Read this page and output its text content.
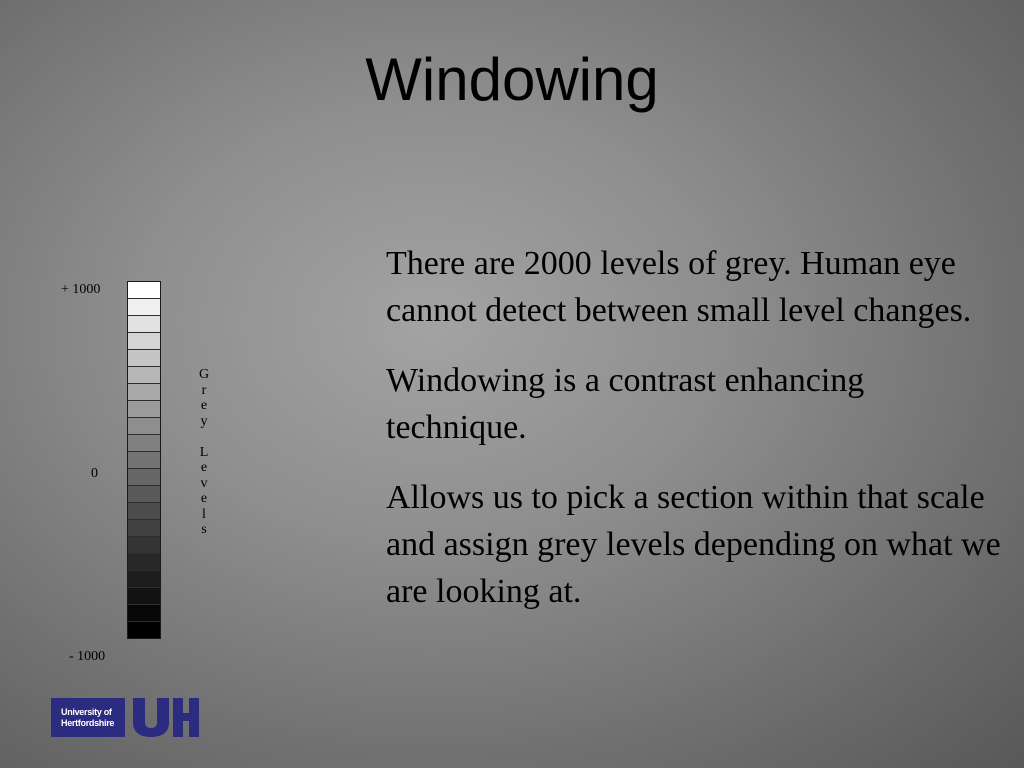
Windowing
+ 1000
0
- 1000
G
r
e
y

L
e
v
e
l
s

There are 2000 levels of grey. Human eye cannot detect between small level changes.

Windowing is a contrast enhancing technique.

Allows us to pick a section within that scale and assign grey levels depending on what we are looking at.

University of
Hertfordshire
